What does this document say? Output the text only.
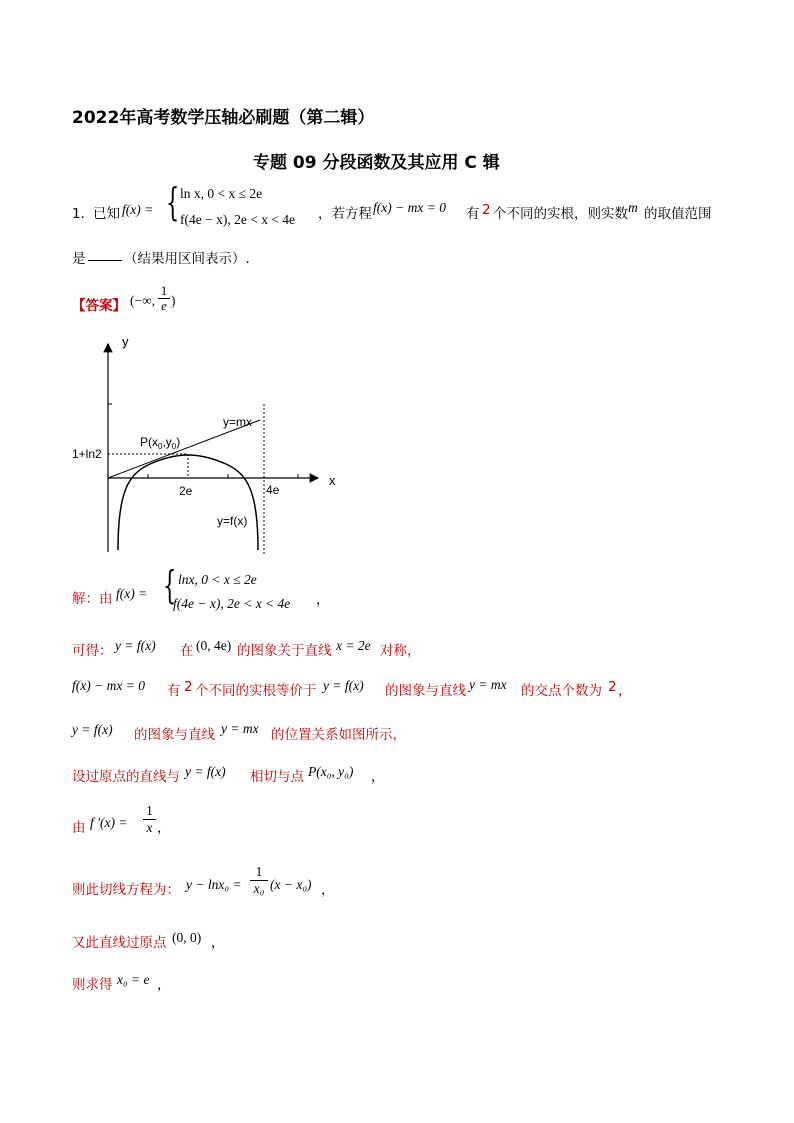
2022年高考数学压轴必刷题（第二辑）
专题 09 分段函数及其应用 C 辑
1．
已知 f(x) = { ln x, 0 < x ≤ 2e
f(4e − x), 2e < x < 4e ，若方程 f(x) − mx = 0 有 2 个不同的实根，则实数 m 的取值范围
是	（结果用区间表示）.
【答案】 (−∞, $\frac{1}{e}$ )
y
x
y=mx
$P(x_0,y_0)$
1+ln2
2e	4e
y=f(x)
解：由 f(x) = { lnx, 0 < x ≤ 2e
f(4e − x), 2e < x < 4e ，
可得： y = f(x) 在 (0, 4e) 的图象关于直线 x = 2e 对称，
f(x) − mx = 0 有 2 个不同的实根等价于 y = f(x) 的图象与直线 y = mx 的交点个数为 2 ，
y = f(x) 的图象与直线 y = mx 的位置关系如图所示，
设过原点的直线与 y = f(x) 相切与点 P(x₀, y₀) ，
由 f '$(x) = \frac{1}{x}$ ，
则此切线方程为： $y - \ln x_0 = \frac{1}{\text{x₀}} (x - x_0)$ ，
又此直线过原点 (0, 0) ，
则求得 x₀ = e ，
